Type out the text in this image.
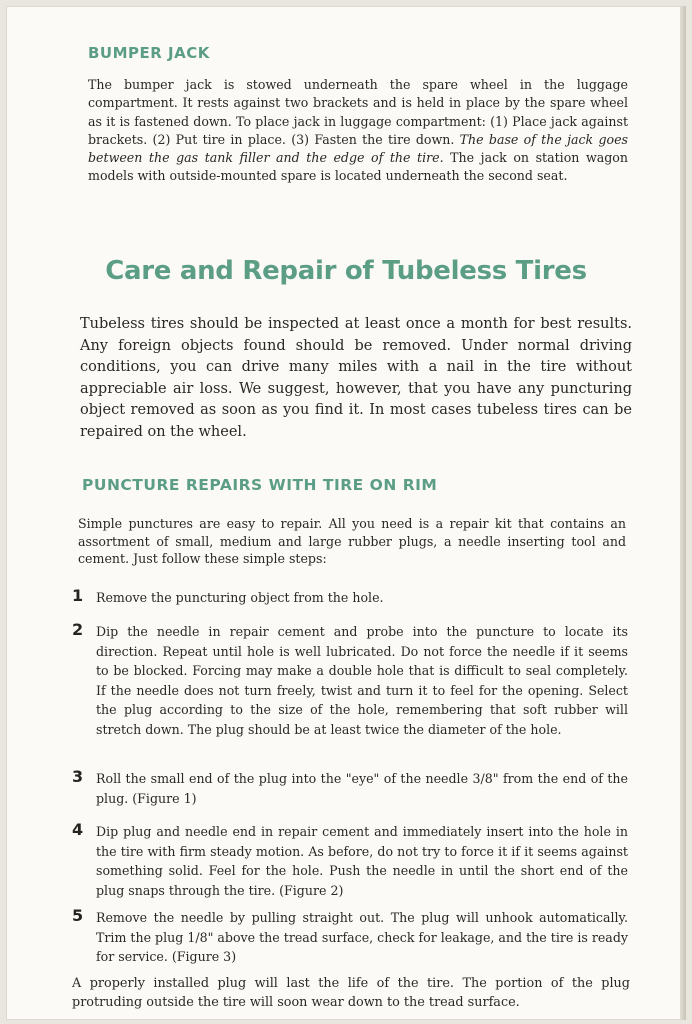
BUMPER JACK

The bumper jack is stowed underneath the spare wheel in the luggage compartment. It rests against two brackets and is held in place by the spare wheel as it is fastened down. To place jack in luggage compartment: (1) Place jack against brackets. (2) Put tire in place. (3) Fasten the tire down. The base of the jack goes between the gas tank filler and the edge of the tire. The jack on station wagon models with outside-mounted spare is located underneath the second seat.

Care and Repair of Tubeless Tires

Tubeless tires should be inspected at least once a month for best results. Any foreign objects found should be removed. Under normal driving conditions, you can drive many miles with a nail in the tire without appreciable air loss. We suggest, however, that you have any puncturing object removed as soon as you find it. In most cases tubeless tires can be repaired on the wheel.

PUNCTURE REPAIRS WITH TIRE ON RIM

Simple punctures are easy to repair. All you need is a repair kit that contains an assortment of small, medium and large rubber plugs, a needle inserting tool and cement. Just follow these simple steps:

1 Remove the puncturing object from the hole.

2 Dip the needle in repair cement and probe into the puncture to locate its direction. Repeat until hole is well lubricated. Do not force the needle if it seems to be blocked. Forcing may make a double hole that is difficult to seal completely. If the needle does not turn freely, twist and turn it to feel for the opening. Select the plug according to the size of the hole, remembering that soft rubber will stretch down. The plug should be at least twice the diameter of the hole.

3 Roll the small end of the plug into the "eye" of the needle 3/8" from the end of the plug. (Figure 1)

4 Dip plug and needle end in repair cement and immediately insert into the hole in the tire with firm steady motion. As before, do not try to force it if it seems against something solid. Feel for the hole. Push the needle in until the short end of the plug snaps through the tire. (Figure 2)

5 Remove the needle by pulling straight out. The plug will unhook automatically. Trim the plug 1/8" above the tread surface, check for leakage, and the tire is ready for service. (Figure 3)

A properly installed plug will last the life of the tire. The portion of the plug protruding outside the tire will soon wear down to the tread surface.
